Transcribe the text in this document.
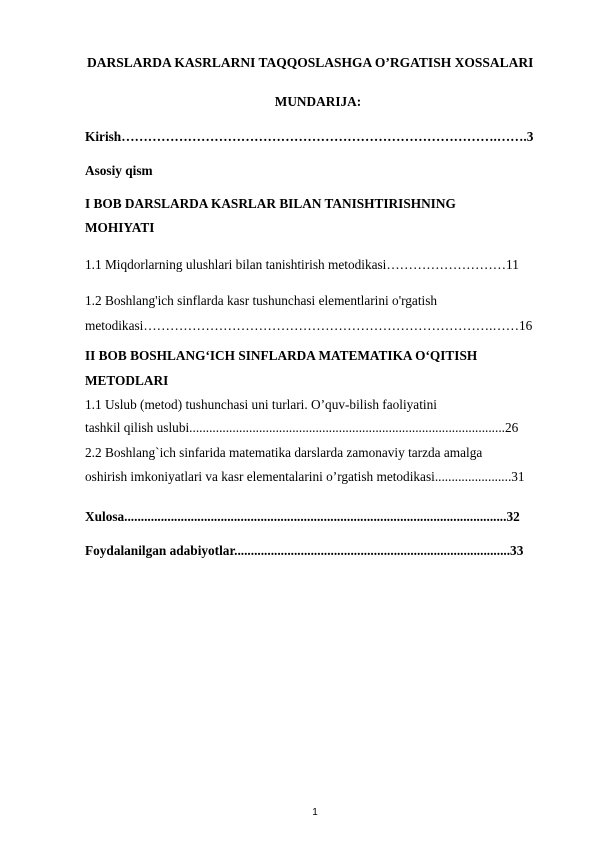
DARSLARDA KASRLARNI TAQQOSLASHGA O’RGATISH XOSSALARI
MUNDARIJA:
Kirish………………………………………………………………………….…….3
Asosiy qism
I BOB DARSLARDA KASRLAR BILAN TANISHTIRISHNING
MOHIYATI
1.1 Miqdorlarning ulushlari bilan tanishtirish metodikasi………………………11
1.2 Boshlang'ich sinflarda kasr tushunchasi elementlarini o'rgatish
metodikasi…………………………………………………………………….……16
II BOB BOSHLANG‘ICH SINFLARDA MATEMATIKA O‘QITISH
METODLARI
1.1 Uslub (metod) tushunchasi uni turlari. O’quv-bilish faoliyatini
tashkil qilish uslubi...............................................................................................26
2.2 Boshlang`ich sinfarida matematika darslarda zamonaviy tarzda amalga
oshirish imkoniyatlari va kasr elementalarini o’rgatish metodikasi.......................31
Xulosa...................................................................................................................32
Foydalanilgan adabiyotlar...................................................................................33
1
